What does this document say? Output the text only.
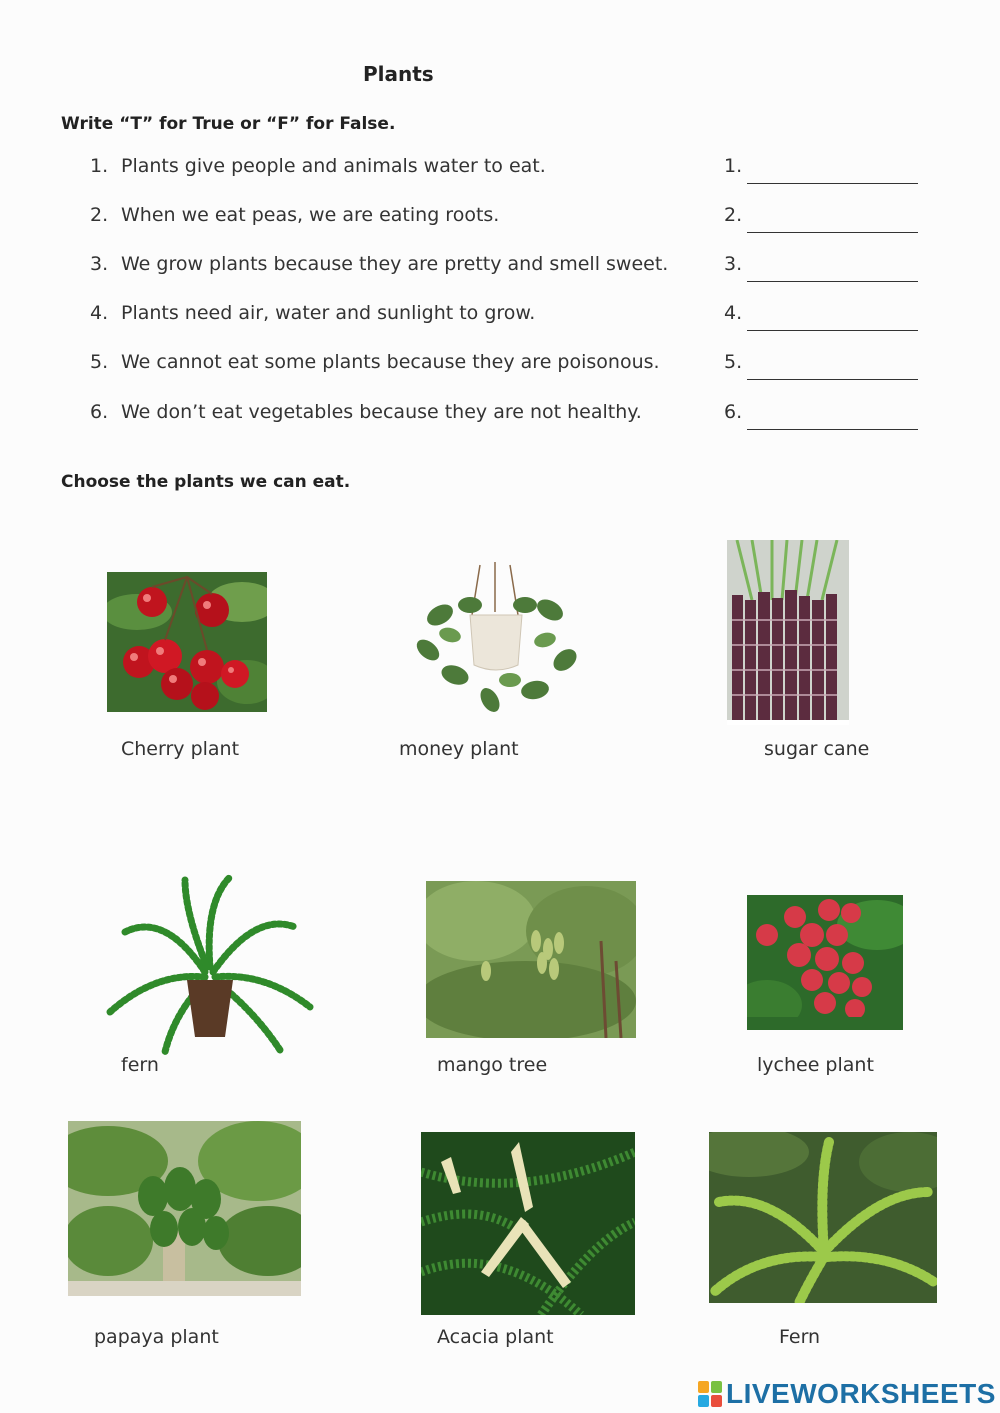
Plants
Write “T” for True or “F” for False.
1. Plants give people and animals water to eat.	1.
2. When we eat peas, we are eating roots.	2.
3. We grow plants because they are pretty and smell sweet.	3.
4. Plants need air, water and sunlight to grow.	4.
5. We cannot eat some plants because they are poisonous.	5.
6. We don’t eat vegetables because they are not healthy.	6.
Choose the plants we can eat.
Cherry plant	money plant	sugar cane
fern	mango tree	lychee plant
papaya plant	Acacia plant	Fern
LIVEWORKSHEETS
